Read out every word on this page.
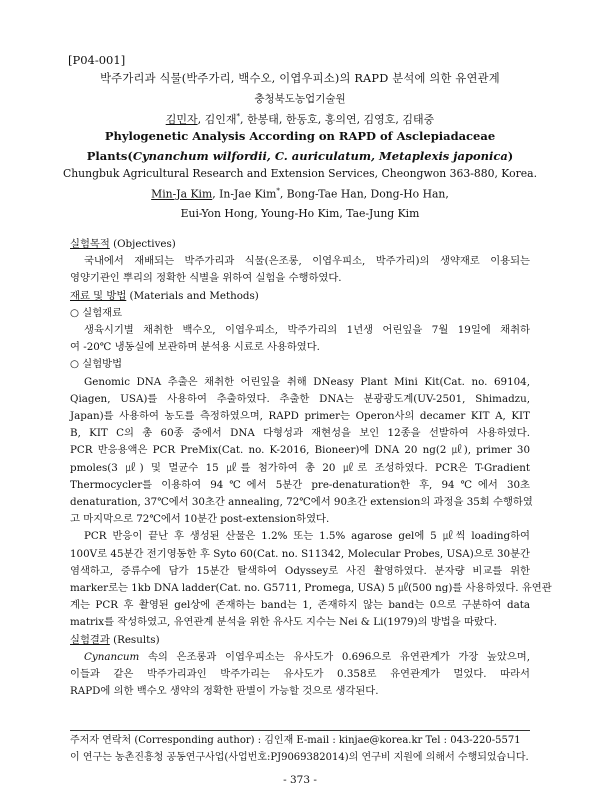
[P04-001]
박주가리과 식물(박주가리, 백수오, 이엽우피소)의 RAPD 분석에 의한 유연관계
충청북도농업기술원
김민자, 김인재*, 한봉태, 한동호, 홍의연, 김영호, 김태중
Phylogenetic Analysis According on RAPD of Asclepiadaceae
Plants(Cynanchum wilfordii, C. auriculatum, Metaplexis japonica)
Chungbuk Agricultural Research and Extension Services, Cheongwon 363-880, Korea.
Min-Ja Kim, In-Jae Kim*, Bong-Tae Han, Dong-Ho Han,
Eui-Yon Hong, Young-Ho Kim, Tae-Jung Kim

실험목적 (Objectives)

국내에서 재배되는 박주가리과 식물(은조롱, 이엽우피소, 박주가리)의 생약재로 이용되는

영양기관인 뿌리의 정확한 식별을 위하여 실험을 수행하였다.

재료 및 방법 (Materials and Methods)

○ 실험재료

생육시기별 채취한 백수오, 이엽우피소, 박주가리의 1년생 어린잎을 7월 19일에 채취하

여 -20℃ 냉동실에 보관하며 분석용 시료로 사용하였다.

○ 실험방법

Genomic DNA 추출은 채취한 어린잎을 취해 DNeasy Plant Mini Kit(Cat. no. 69104,

Qiagen, USA)를 사용하여 추출하였다. 추출한 DNA는 분광광도계(UV-2501, Shimadzu,

Japan)를 사용하여 농도를 측정하였으며, RAPD primer는 Operon사의 decamer KIT A, KIT

B, KIT C의 총 60종 중에서 DNA 다형성과 재현성을 보인 12종을 선발하여 사용하였다.

PCR 반응용액은 PCR PreMix(Cat. no. K-2016, Bioneer)에 DNA 20 ng(2 ㎕), primer 30

pmoles(3 ㎕) 및 멸균수 15 ㎕를 첨가하여 총 20 ㎕로 조성하였다. PCR은 T-Gradient

Thermocycler를 이용하여 94℃에서 5분간 pre-denaturation한 후, 94℃에서 30초

denaturation, 37℃에서 30초간 annealing, 72℃에서 90초간 extension의 과정을 35회 수행하였

고 마지막으로 72℃에서 10분간 post-extension하였다.

PCR 반응이 끝난 후 생성된 산물은 1.2% 또는 1.5% agarose gel에 5 ㎕씩 loading하여

100V로 45분간 전기영동한 후 Syto 60(Cat. no. S11342, Molecular Probes, USA)으로 30분간

염색하고, 증류수에 담가 15분간 탈색하여 Odyssey로 사진 촬영하였다. 분자량 비교를 위한

marker로는 1kb DNA ladder(Cat. no. G5711, Promega, USA) 5 ㎕(500 ng)를 사용하였다. 유연관

계는 PCR 후 촬영된 gel상에 존재하는 band는 1, 존재하지 않는 band는 0으로 구분하여 data

matrix를 작성하였고, 유연관계 분석을 위한 유사도 지수는 Nei & Li(1979)의 방법을 따랐다.

실험결과 (Results)

Cynancum 속의 은조롱과 이엽우피소는 유사도가 0.696으로 유연관계가 가장 높았으며,

이들과 같은 박주가리과인 박주가리는 유사도가 0.358로 유연관계가 멀었다. 따라서

RAPD에 의한 백수오 생약의 정확한 판별이 가능할 것으로 생각된다.

주저자 연락처 (Corresponding author) : 김인재 E-mail : kinjae@korea.kr Tel : 043-220-5571
이 연구는 농촌진흥청 공동연구사업(사업번호:PJ9069382014)의 연구비 지원에 의해서 수행되었습니다.
- 373 -
